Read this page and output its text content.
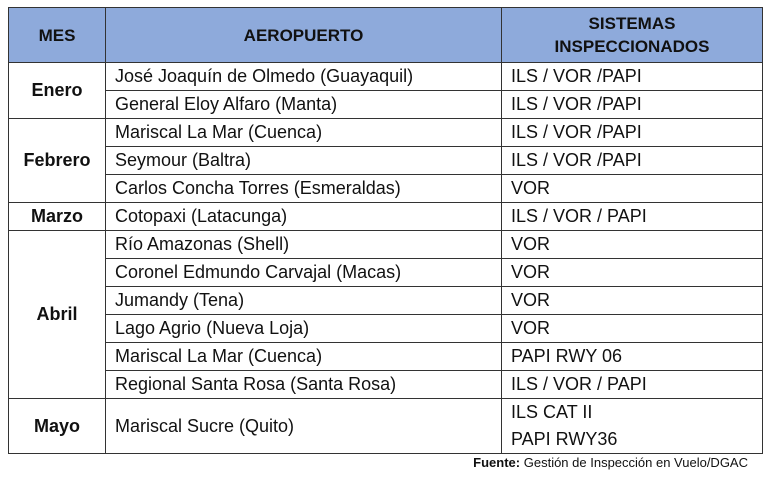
MES	AEROPUERTO	SISTEMAS
INSPECCIONADOS

Enero	José Joaquín de Olmedo (Guayaquil)	ILS / VOR /PAPI

	General Eloy Alfaro (Manta)	ILS / VOR /PAPI

Febrero	Mariscal La Mar (Cuenca)	ILS / VOR /PAPI

	Seymour (Baltra)	ILS / VOR /PAPI

	Carlos Concha Torres (Esmeraldas)	VOR

Marzo	Cotopaxi (Latacunga)	ILS / VOR / PAPI

Abril	Río Amazonas (Shell)	VOR

	Coronel Edmundo Carvajal (Macas)	VOR

	Jumandy (Tena)	VOR

	Lago Agrio (Nueva Loja)	VOR

	Mariscal La Mar (Cuenca)	PAPI RWY 06

	Regional Santa Rosa (Santa Rosa)	ILS / VOR / PAPI

Mayo	Mariscal Sucre (Quito)	ILS CAT II
PAPI RWY36
Fuente: Gestión de Inspección en Vuelo/DGAC
